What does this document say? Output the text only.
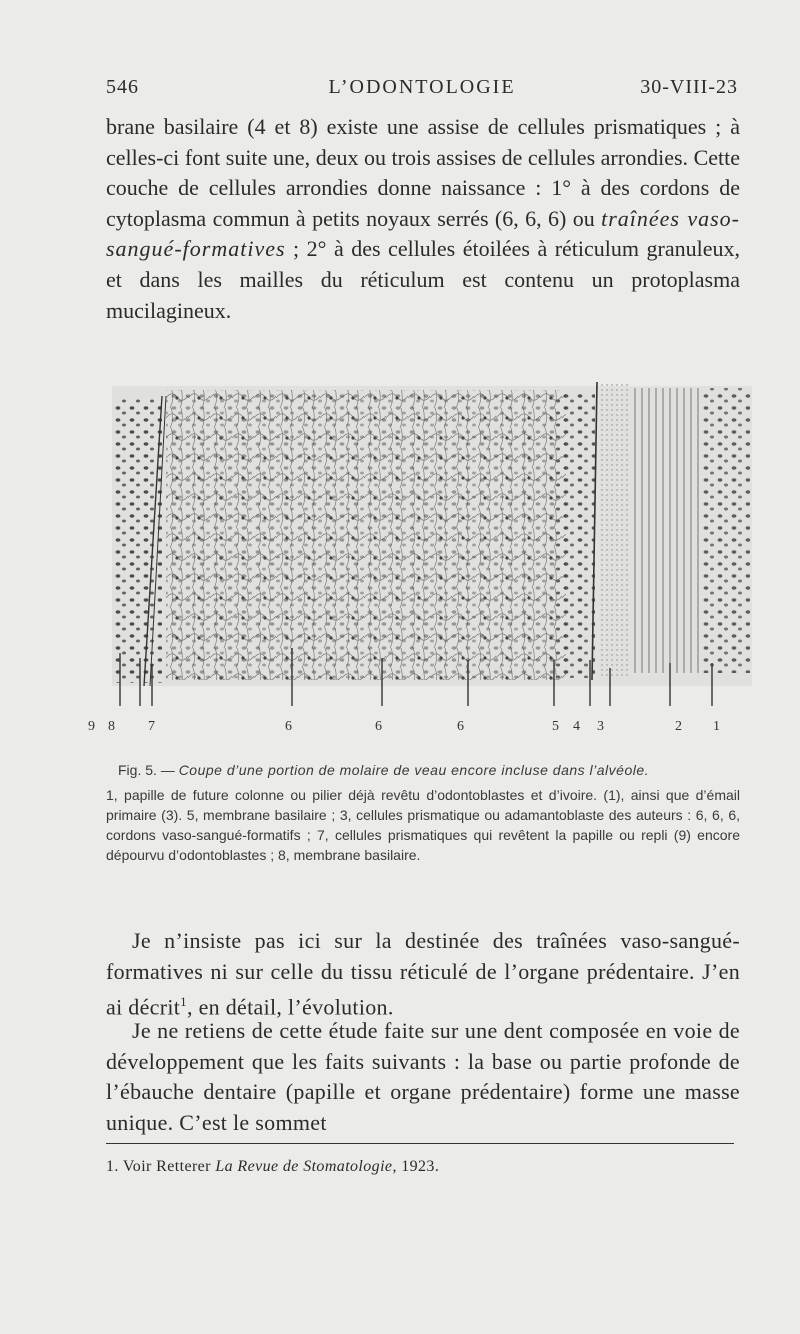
546	L’ODONTOLOGIE	30-VIII-23
brane basilaire (4 et 8) existe une assise de cellules prismatiques ; à celles-ci font suite une, deux ou trois assises de cellules arrondies. Cette couche de cellules arrondies donne naissance : 1° à des cordons de cytoplasma commun à petits noyaux serrés (6, 6, 6) ou traînées vaso-sangué-formatives ; 2° à des cellules étoilées à réticulum granuleux, et dans les mailles du réticulum est contenu un protoplasma mucilagineux.
9 8 7	6	6	6	5 4 3	2 1
Fig. 5. — Coupe d’une portion de molaire de veau encore incluse dans l’alvéole.
1, papille de future colonne ou pilier déjà revêtu d’odontoblastes et d’ivoire. (1), ainsi que d’émail primaire (3). 5, membrane basilaire ; 3, cellules prismatique ou adamantoblaste des auteurs : 6, 6, 6, cordons vaso-sangué-formatifs ; 7, cellules prismatiques qui revêtent la papille ou repli (9) encore dépourvu d’odontoblastes ; 8, membrane basilaire.
Je n’insiste pas ici sur la destinée des traînées vaso-sangué-formatives ni sur celle du tissu réticulé de l’organe prédentaire. J’en ai décrit$^1$, en détail, l’évolution.
Je ne retiens de cette étude faite sur une dent composée en voie de développement que les faits suivants : la base ou partie profonde de l’ébauche dentaire (papille et organe prédentaire) forme une masse unique. C’est le sommet
1. Voir Retterer La Revue de Stomatologie, 1923.
